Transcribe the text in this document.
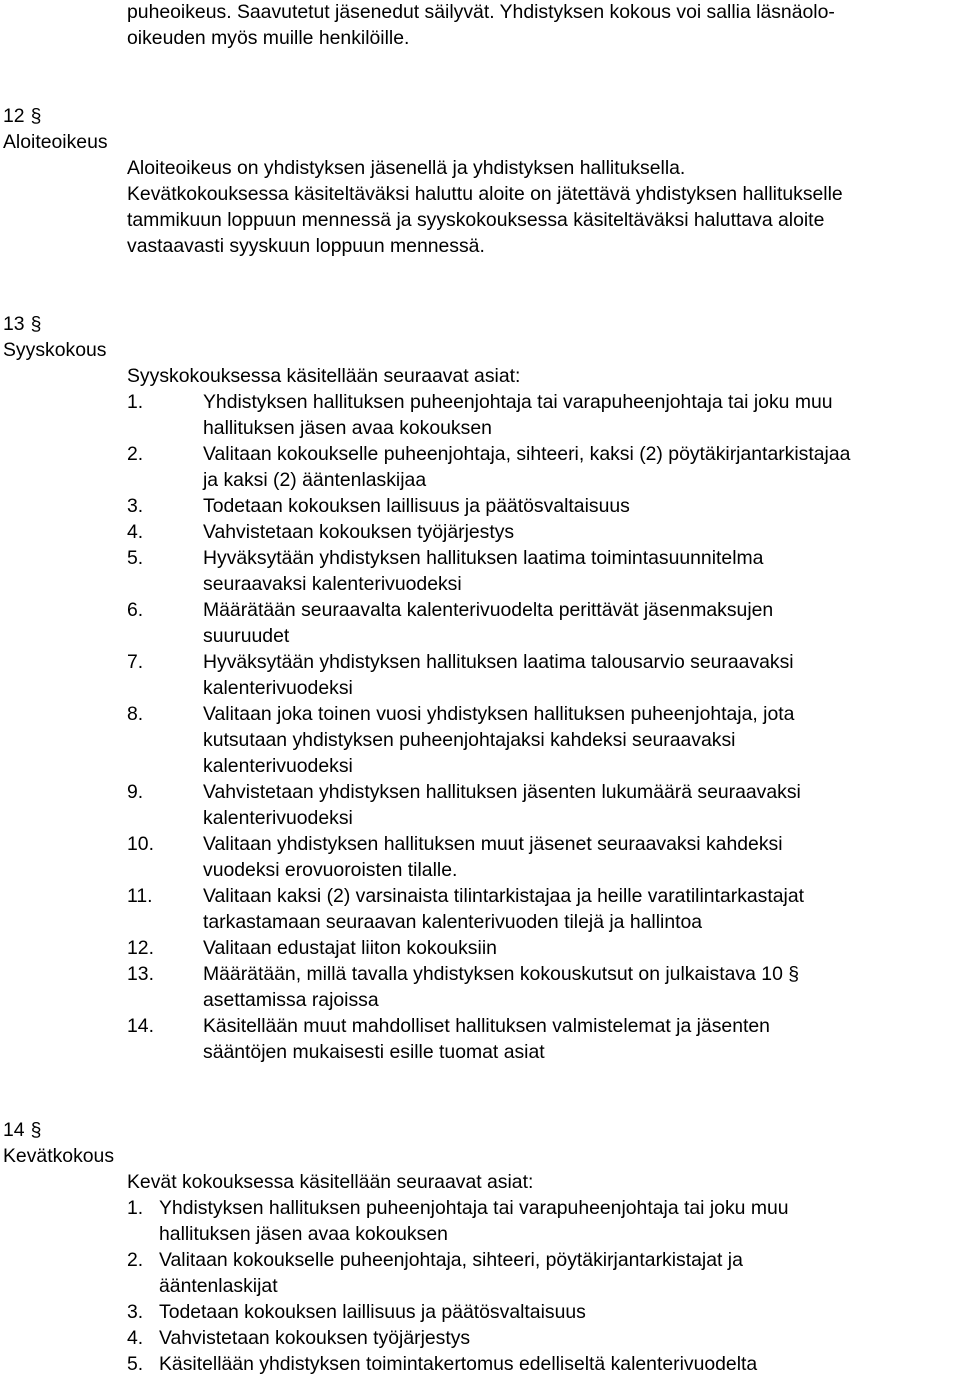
puheoikeus. Saavutetut jäsenedut säilyvät. Yhdistyksen kokous voi sallia läsnäolo-
oikeuden myös muille henkilöille.
12 §
Aloiteoikeus
Aloiteoikeus on yhdistyksen jäsenellä ja yhdistyksen hallituksella.
Kevätkokouksessa käsiteltäväksi haluttu aloite on jätettävä yhdistyksen hallitukselle
tammikuun loppuun mennessä ja syyskokouksessa käsiteltäväksi haluttava aloite
vastaavasti syyskuun loppuun mennessä.
13 §
Syyskokous
Syyskokouksessa käsitellään seuraavat asiat:
1.	Yhdistyksen hallituksen puheenjohtaja tai varapuheenjohtaja tai joku muu
hallituksen jäsen avaa kokouksen
2.	Valitaan kokoukselle puheenjohtaja, sihteeri, kaksi (2) pöytäkirjantarkistajaa
ja kaksi (2) ääntenlaskijaa
3.	Todetaan kokouksen laillisuus ja päätösvaltaisuus
4.	Vahvistetaan kokouksen työjärjestys
5.	Hyväksytään yhdistyksen hallituksen laatima toimintasuunnitelma
seuraavaksi kalenterivuodeksi
6.	Määrätään seuraavalta kalenterivuodelta perittävät jäsenmaksujen
suuruudet
7.	Hyväksytään yhdistyksen hallituksen laatima talousarvio seuraavaksi
kalenterivuodeksi
8.	Valitaan joka toinen vuosi yhdistyksen hallituksen puheenjohtaja, jota
kutsutaan yhdistyksen puheenjohtajaksi kahdeksi seuraavaksi
kalenterivuodeksi
9.	Vahvistetaan yhdistyksen hallituksen jäsenten lukumäärä seuraavaksi
kalenterivuodeksi
10.	Valitaan yhdistyksen hallituksen muut jäsenet seuraavaksi kahdeksi
vuodeksi erovuoroisten tilalle.
11.	Valitaan kaksi (2) varsinaista tilintarkistajaa ja heille varatilintarkastajat
tarkastamaan seuraavan kalenterivuoden tilejä ja hallintoa
12.	Valitaan edustajat liiton kokouksiin
13.	Määrätään, millä tavalla yhdistyksen kokouskutsut on julkaistava 10 §
asettamissa rajoissa
14.	Käsitellään muut mahdolliset hallituksen valmistelemat ja jäsenten
sääntöjen mukaisesti esille tuomat asiat
14 §
Kevätkokous
Kevät kokouksessa käsitellään seuraavat asiat:
1. Yhdistyksen hallituksen puheenjohtaja tai varapuheenjohtaja tai joku muu
hallituksen jäsen avaa kokouksen
2. Valitaan kokoukselle puheenjohtaja, sihteeri, pöytäkirjantarkistajat ja
ääntenlaskijat
3. Todetaan kokouksen laillisuus ja päätösvaltaisuus
4. Vahvistetaan kokouksen työjärjestys
5. Käsitellään yhdistyksen toimintakertomus edelliseltä kalenterivuodelta
